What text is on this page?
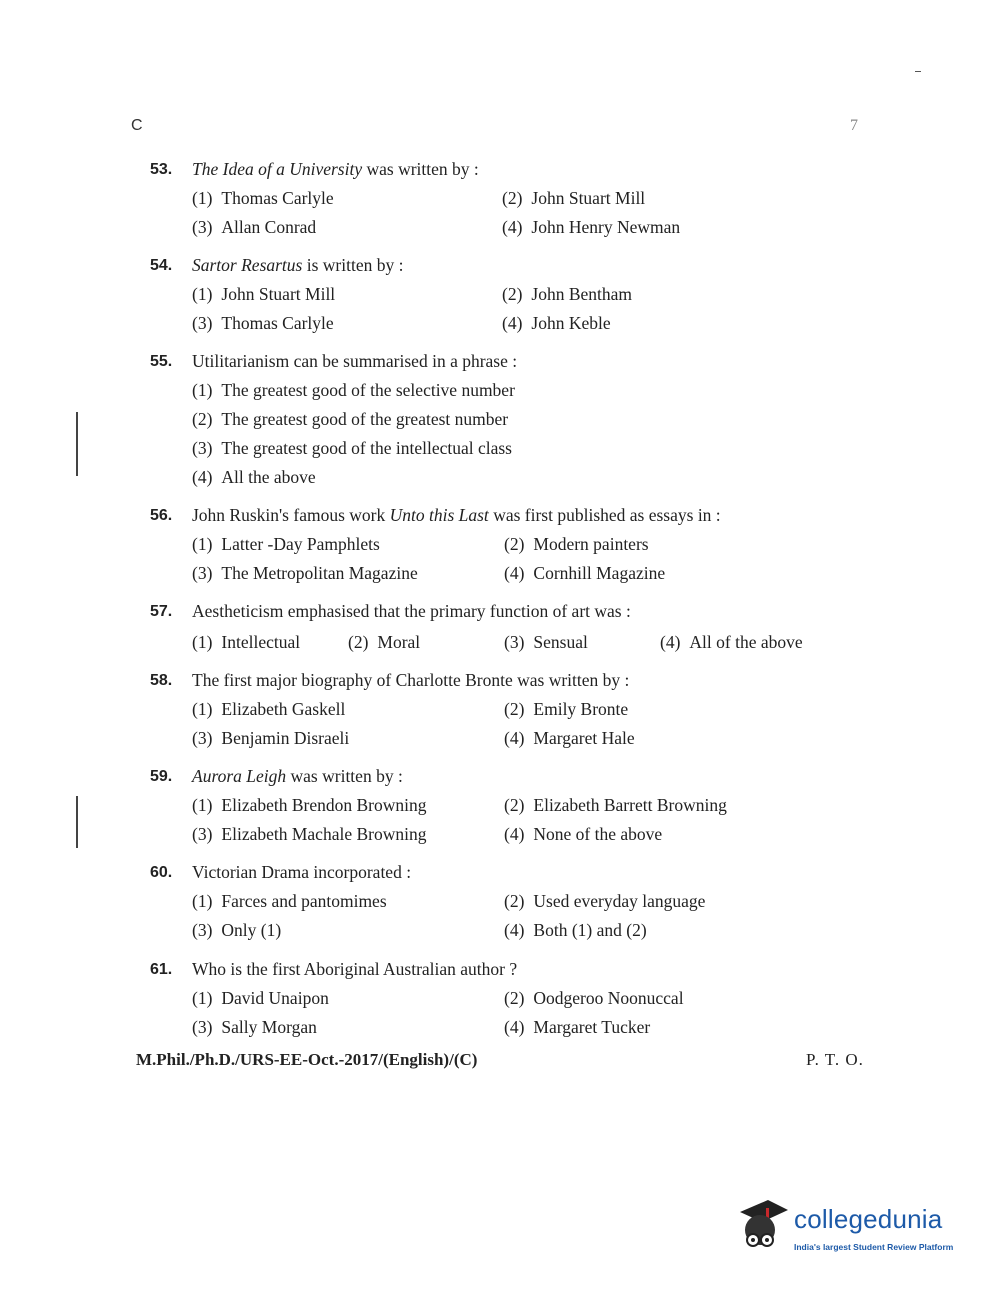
C	7
53.	The Idea of a University was written by :
(1) Thomas Carlyle	(2) John Stuart Mill
(3) Allan Conrad	(4) John Henry Newman
54.	Sartor Resartus is written by :
(1) John Stuart Mill	(2) John Bentham
(3) Thomas Carlyle	(4) John Keble
55.	Utilitarianism can be summarised in a phrase :
(1) The greatest good of the selective number
(2) The greatest good of the greatest number
(3) The greatest good of the intellectual class
(4) All the above
56.	John Ruskin's famous work Unto this Last was first published as essays in :
(1) Latter -Day Pamphlets	(2) Modern painters
(3) The Metropolitan Magazine	(4) Cornhill Magazine
57.	Aestheticism emphasised that the primary function of art was :
(1) Intellectual	(2) Moral	(3) Sensual	(4) All of the above
58.	The first major biography of Charlotte Bronte was written by :
(1) Elizabeth Gaskell	(2) Emily Bronte
(3) Benjamin Disraeli	(4) Margaret Hale
59.	Aurora Leigh was written by :
(1) Elizabeth Brendon Browning	(2) Elizabeth Barrett Browning
(3) Elizabeth Machale Browning	(4) None of the above
60.	Victorian Drama incorporated :
(1) Farces and pantomimes	(2) Used everyday language
(3) Only (1)	(4) Both (1) and (2)
61.	Who is the first Aboriginal Australian author ?
(1) David Unaipon	(2) Oodgeroo Noonuccal
(3) Sally Morgan	(4) Margaret Tucker
M.Phil./Ph.D./URS-EE-Oct.-2017/(English)/(C)	P. T. O.
collegedunia
India's largest Student Review Platform
